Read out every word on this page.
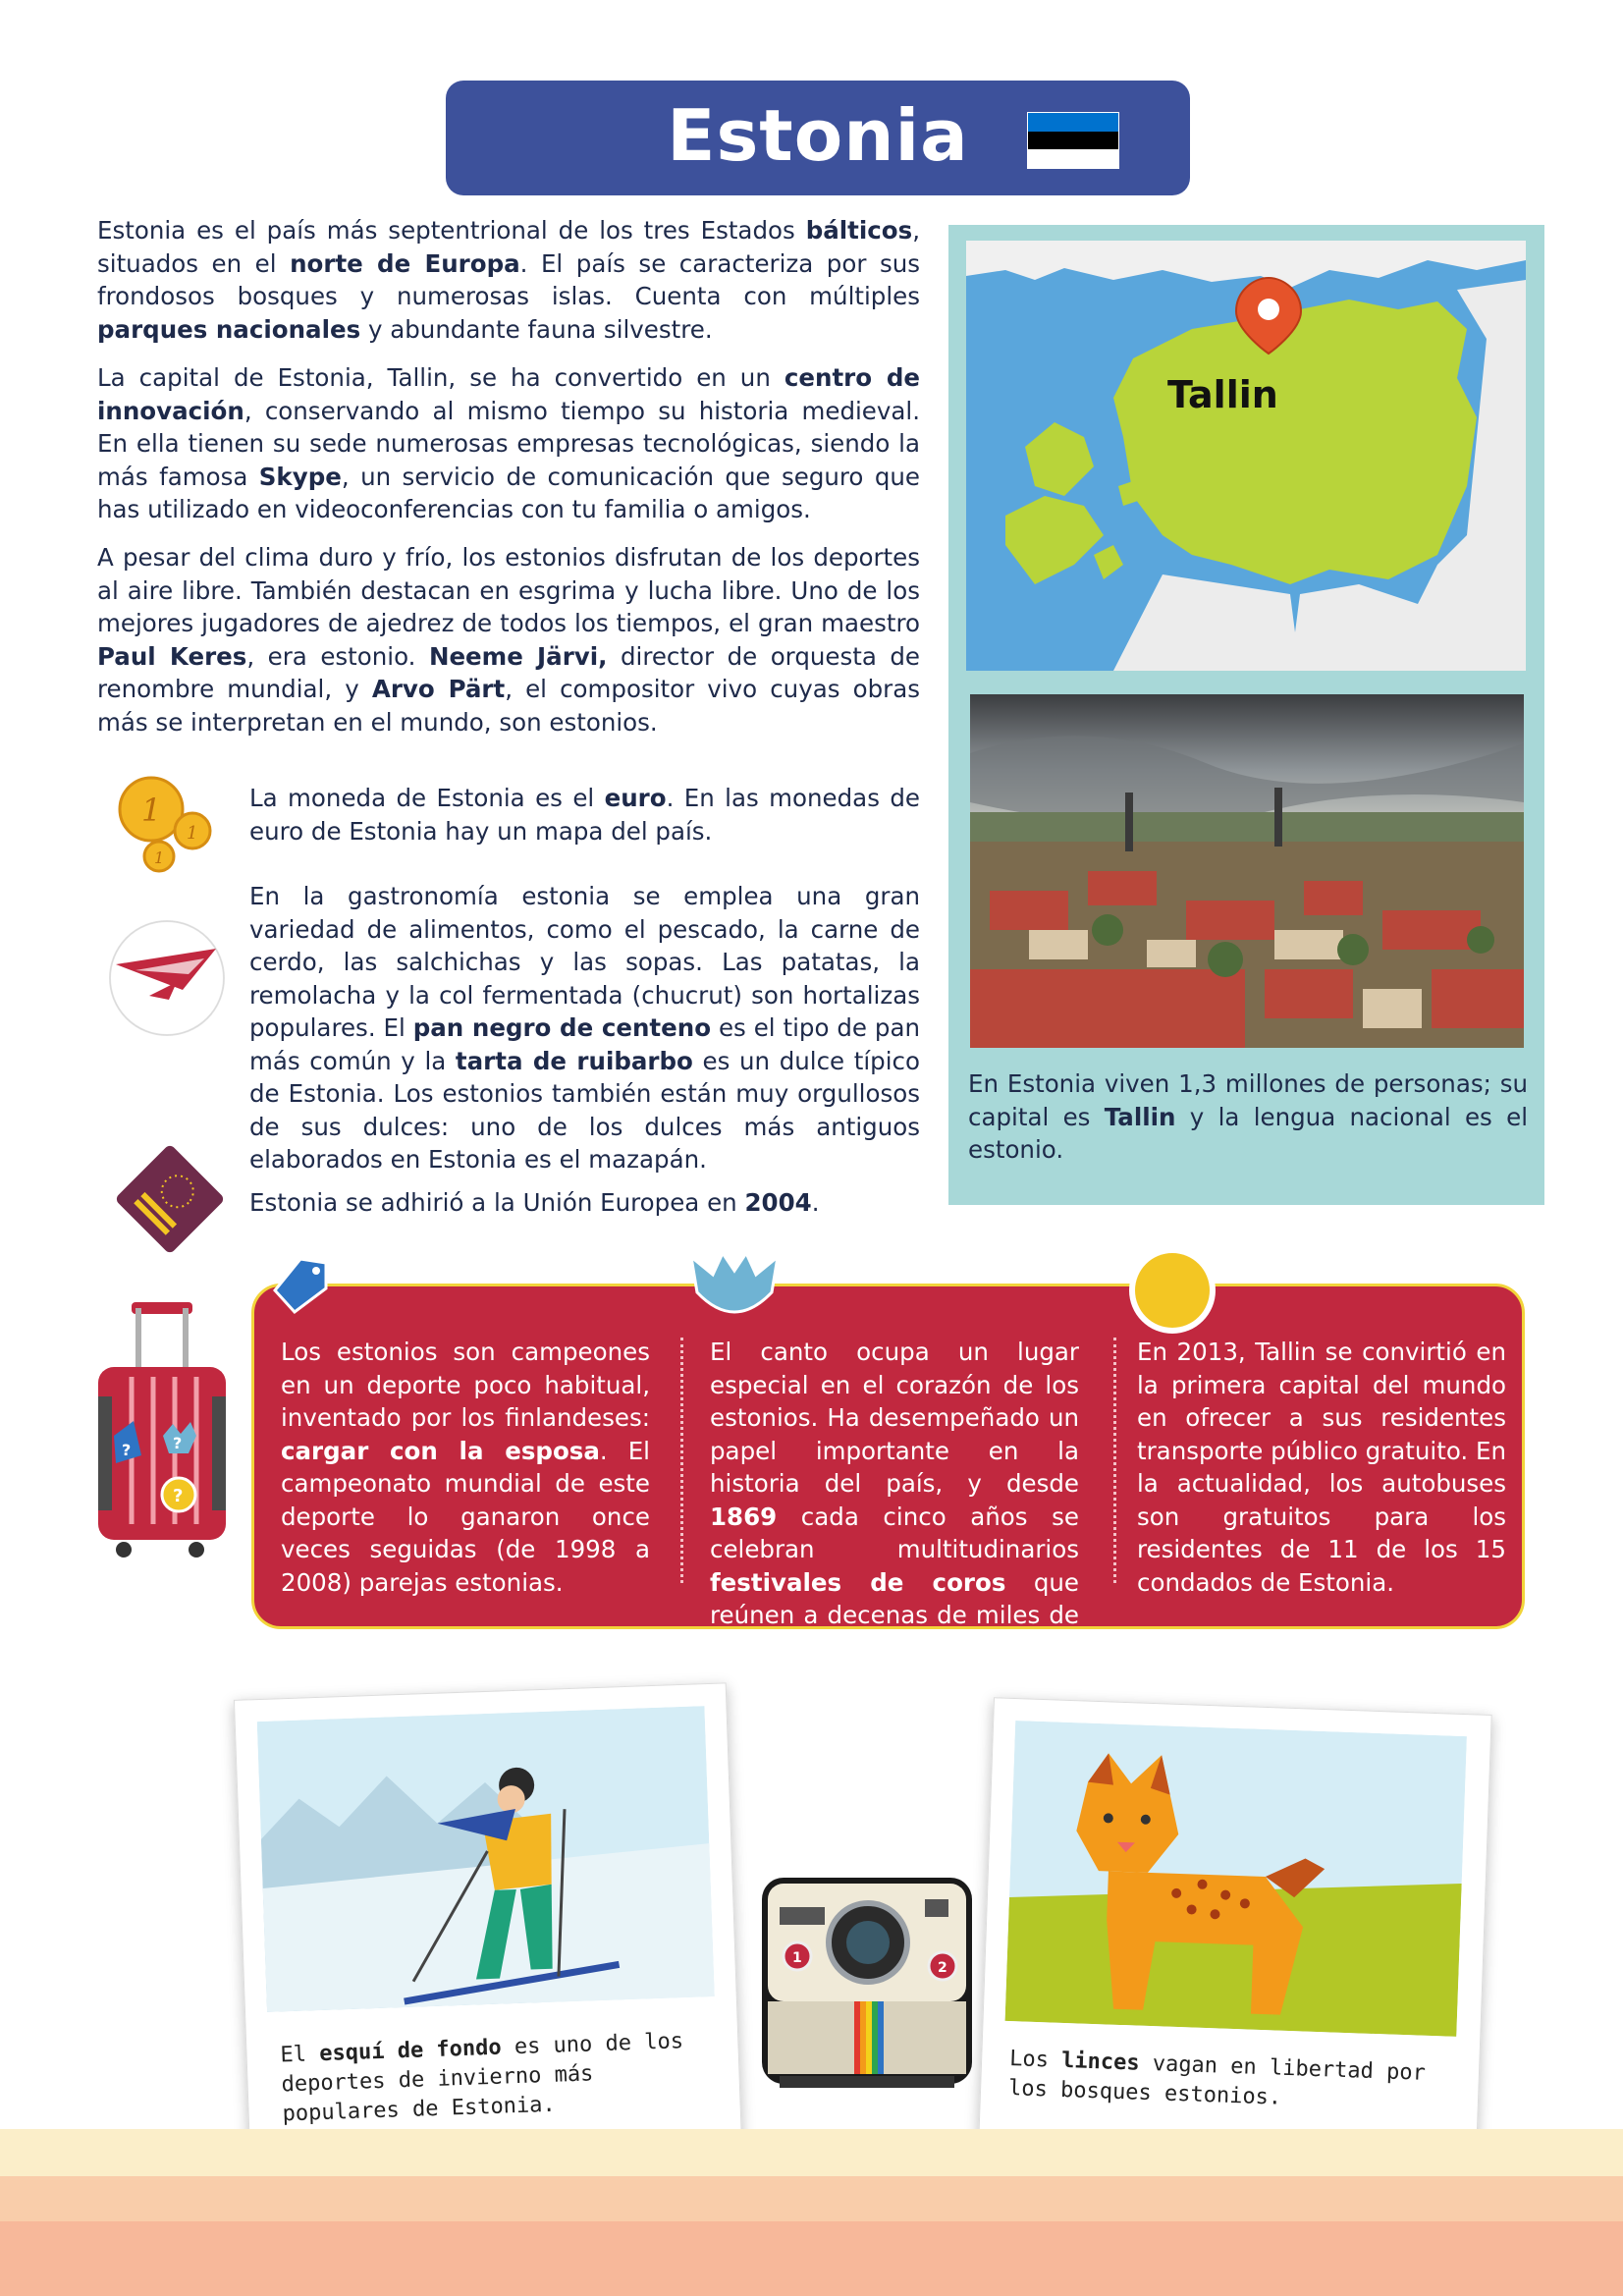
Estonia
Estonia es el país más septentrional de los tres Estados bálticos, situados en el norte de Europa. El país se caracteriza por sus frondosos bosques y numerosas islas. Cuenta con múltiples parques nacionales y abundante fauna silvestre.
La capital de Estonia, Tallin, se ha convertido en un centro de innovación, conservando al mismo tiempo su historia medieval. En ella tienen su sede numerosas empresas tecnológicas, siendo la más famosa Skype, un servicio de comunicación que seguro que has utilizado en videoconferencias con tu familia o amigos.
A pesar del clima duro y frío, los estonios disfrutan de los deportes al aire libre. También destacan en esgrima y lucha libre. Uno de los mejores jugadores de ajedrez de todos los tiempos, el gran maestro Paul Keres, era estonio. Neeme Järvi, director de orquesta de renombre mundial, y Arvo Pärt, el compositor vivo cuyas obras más se interpretan en el mundo, son estonios.
1
1
1
La moneda de Estonia es el euro. En las monedas de euro de Estonia hay un mapa del país.
En la gastronomía estonia se emplea una gran variedad de alimentos, como el pescado, la carne de cerdo, las salchichas y las sopas. Las patatas, la remolacha y la col fermentada (chucrut) son hortalizas populares. El pan negro de centeno es el tipo de pan más común y la tarta de ruibarbo es un dulce típico de Estonia. Los estonios también están muy orgullosos de sus dulces: uno de los dulces más antiguos elaborados en Estonia es el mazapán.
Estonia se adhirió a la Unión Europea en 2004.
Tallin
En Estonia viven 1,3 millones de personas; su capital es Tallin y la lengua nacional es el estonio.
?	?
?
Los estonios son campeones en un deporte poco habitual, inventado por los finlandeses: cargar con la esposa. El campeonato mundial de este deporte lo ganaron once veces seguidas (de 1998 a 2008) parejas estonias.
El canto ocupa un lugar especial en el corazón de los estonios. Ha desempeñado un papel importante en la historia del país, y desde 1869 cada cinco años se celebran multitudinarios festivales de coros que reúnen a decenas de miles de cantantes.
En 2013, Tallin se convirtió en la primera capital del mundo en ofrecer a sus residentes transporte público gratuito. En la actualidad, los autobuses son gratuitos para los residentes de 11 de los 15 condados de Estonia.
El esquí de fondo es uno de los deportes de invierno más populares de Estonia.
1
2
Los linces vagan en libertad por los bosques estonios.
